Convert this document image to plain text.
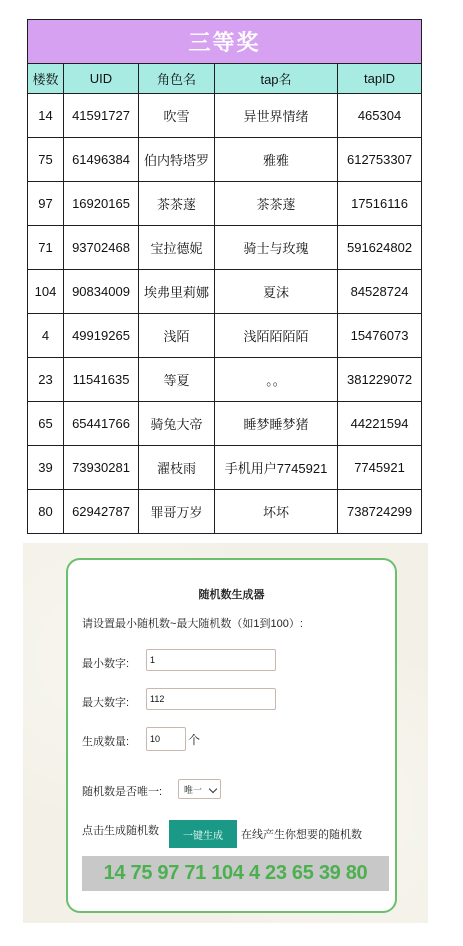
三等奖				
楼数	UID	角色名	tap名	tapID
14	41591727	吹雪	异世界情绪	465304
75	61496384	伯内特塔罗	雅雅	612753307
97	16920165	茶茶蓫	茶茶蓫	17516116
71	93702468	宝拉德妮	骑士与玫瑰	591624802
104	90834009	埃弗里莉娜	夏沫	84528724
4	49919265	浅陌	浅陌陌陌陌	15476073
23	11541635	等夏	。。	381229072
65	65441766	骑兔大帝	睡梦睡梦猪	44221594
39	73930281	濯枝雨	手机用户7745921	7745921
80	62942787	罪哥万岁	坏坏	738724299
随机数生成器
请设置最小随机数~最大随机数（如1到100）:
最小数字:
1
最大数字:
112
生成数量:
10	个
随机数是否唯一: 唯一
点击生成随机数	一键生成	在线产生你想要的随机数
14 75 97 71 104 4 23 65 39 80
